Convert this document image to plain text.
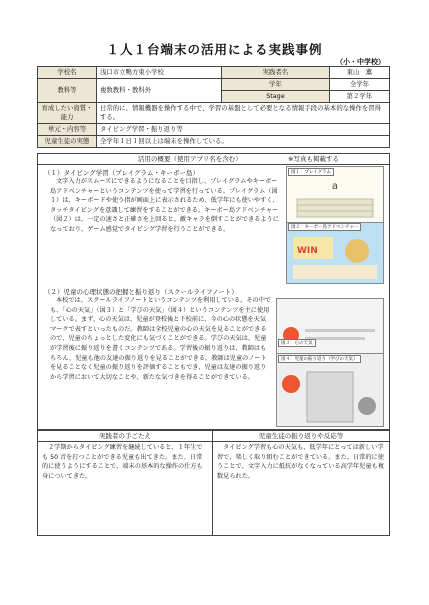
１人１台端末の活用による実践事例
（小・中学校）
学校名	浅口市立鴨方東小学校	実践者名	東山　薫
教科等	複数教科・教科外	学年	全学年
		Stage	第２学年
育成したい資質・能力	日常的に、情報機器を操作する中で、学習の基盤として必要となる情報手段の基本的な操作を習得する。		
単元・内容等	タイピング学習・振り返り等		
児童生徒の実態	全学年１日１回以上は端末を操作している。		
活用の概要（使用アプリ名を含む）	※写真も掲載する
（１）タイピング学習（プレイグラム・キーボー島）
文字入力がスムーズにできるようになることを目指し、プレイグラムやキーボー島アドベンチャーというコンテンツを使って学習を行っている。プレイグラム（図１）は、キーボードや使う指が画面上に表示されるため、低学年にも使いやすく、タッチタイピングを意識して練習をすることができる。キーボー島アドベンチャー（図２）は、一定の速さと正確さを上回ると、敵キャラを倒すことができるようになっており、ゲーム感覚でタイピング学習を行うことができる。
a
図１：プレイグラム
WIN
図２：キーボー島アドベンチャー
（２）児童の心理状態の把握と振り返り（スクールライフノート）
本校では、スクールライフノートというコンテンツを利用している。その中でも、「心の天気」（図３）と「学びの天気」（図４）というコンテンツを主に使用している。まず、心の天気は、児童が登校後と下校前に、今の心の状態を天気マークで表すといったものだ。教師は全校児童の心の天気を見ることができるので、児童のちょっとした変化にも気づくことができる。学びの天気は、児童が学習後に振り返りを書くコンテンツである。学習後の振り返りは、教師はもちろん、児童も他の友達の振り返りを見ることができる。教師は児童のノートを見ることなく児童の振り返りを評価することもでき、児童は友達の振り返りから学習において大切なことや、新たな気づきを得ることができている。
図３：心の天気
図４：児童の振り返り（学びの天気）
実践者の手ごたえ	児童生徒の振り返りや反応等
２学期からタイピング練習を継続していると、１年生でも 50 音を打つことができる児童も出てきた。また、日常的に使うようにすることで、端末の基本的な操作の仕方も身についてきた。
タイピング学習も心の天気も、低学年にとっては新しい学習で、楽しく取り組むことができている。また、日常的に使うことで、文字入力に抵抗がなくなっている高学年児童も複数見られた。
